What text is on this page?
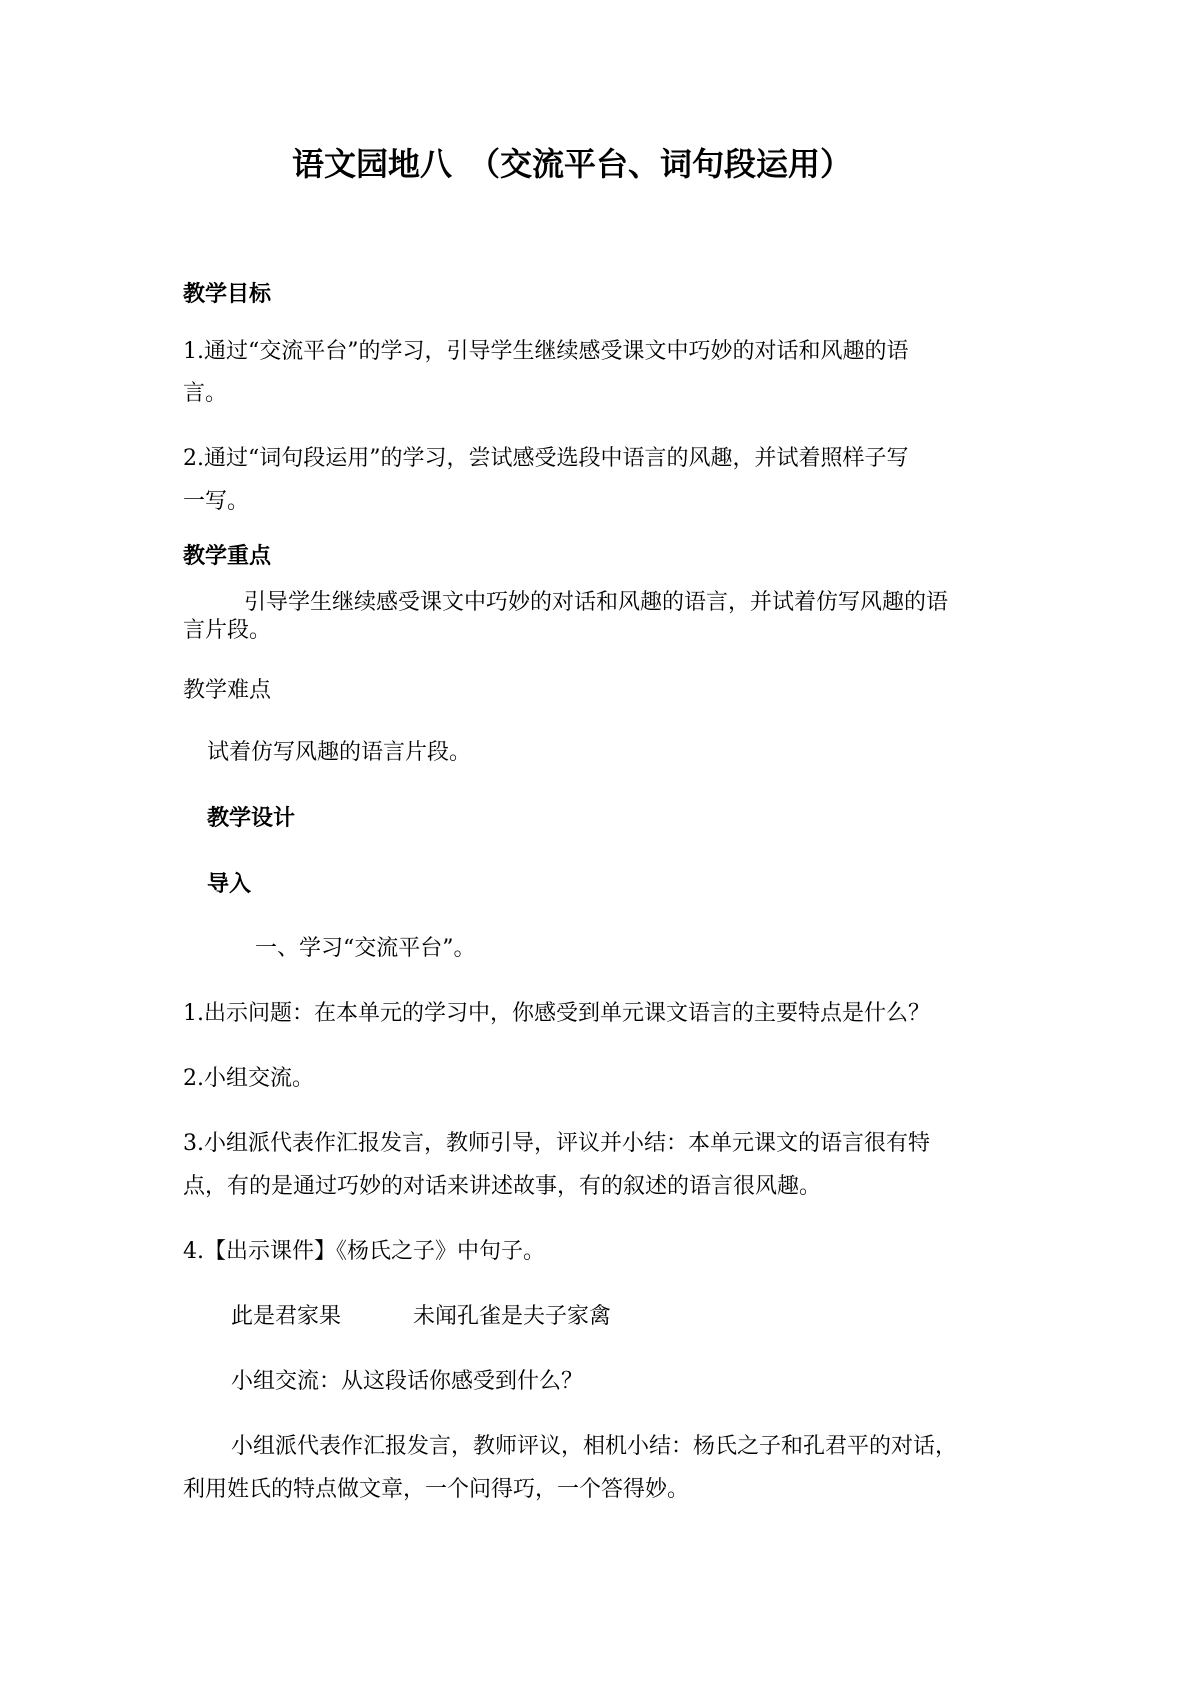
语文园地八　（交流平台、词句段运用）

教学目标

1.通过“交流平台”的学习，引导学生继续感受课文中巧妙的对话和风趣的语

言。

2.通过“词句段运用”的学习，尝试感受选段中语言的风趣，并试着照样子写

一写。

教学重点

引导学生继续感受课文中巧妙的对话和风趣的语言，并试着仿写风趣的语

言片段。

教学难点

试着仿写风趣的语言片段。

教学设计

导入

一、学习“交流平台”。

1.出示问题：在本单元的学习中，你感受到单元课文语言的主要特点是什么？

2.小组交流。

3.小组派代表作汇报发言，教师引导，评议并小结：本单元课文的语言很有特

点，有的是通过巧妙的对话来讲述故事，有的叙述的语言很风趣。

4.【出示课件】《杨氏之子》中句子。

此是君家果	未闻孔雀是夫子家禽

小组交流：从这段话你感受到什么？

小组派代表作汇报发言，教师评议，相机小结：杨氏之子和孔君平的对话，

利用姓氏的特点做文章，一个问得巧，一个答得妙。
